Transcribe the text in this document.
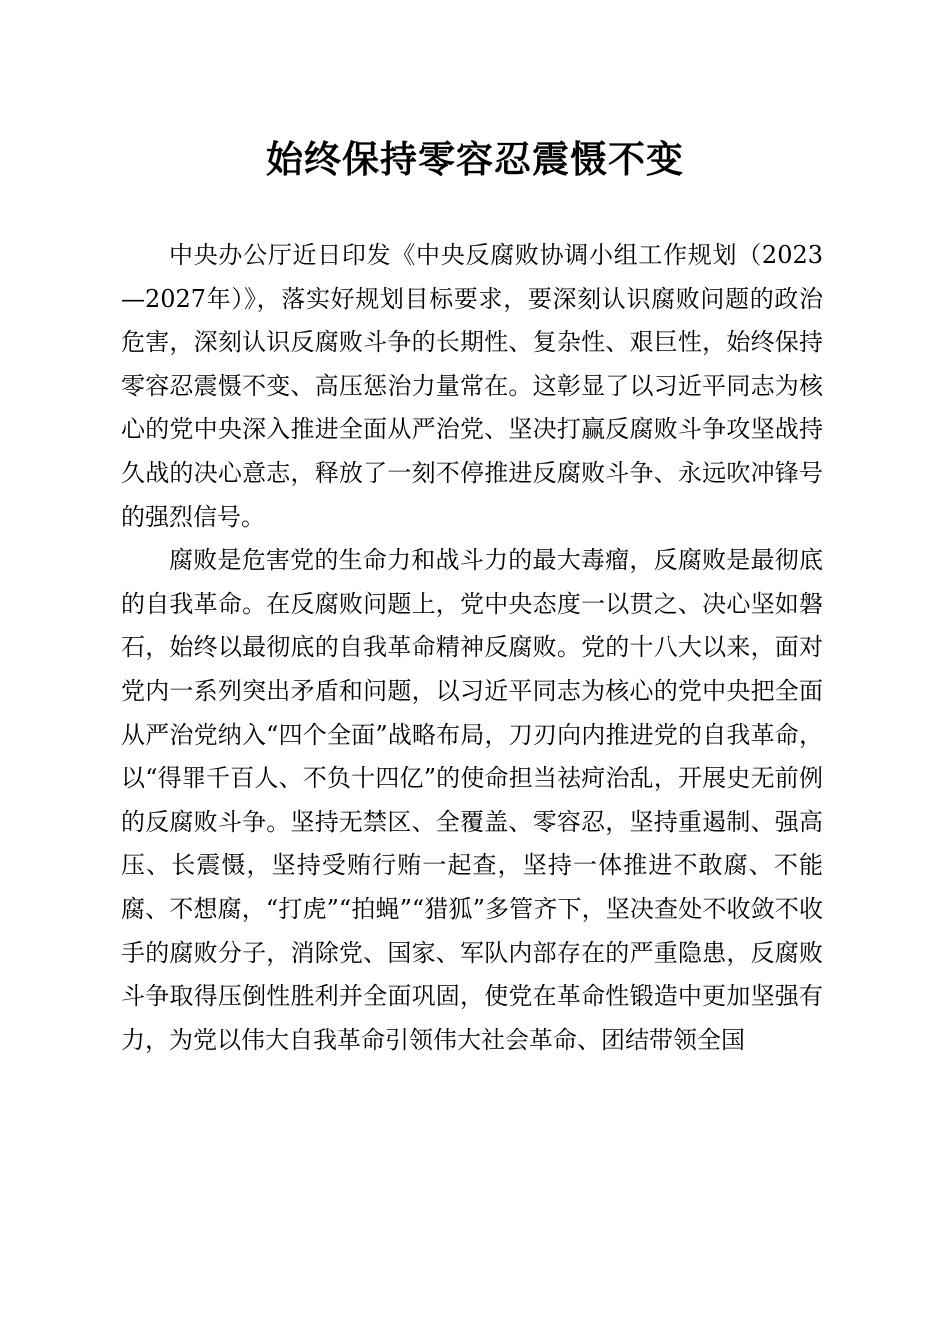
始终保持零容忍震慑不变

中央办公厅近日印发《中央反腐败协调小组工作规划（2023—2027年）》，落实好规划目标要求，要深刻认识腐败问题的政治危害，深刻认识反腐败斗争的长期性、复杂性、艰巨性，始终保持零容忍震慑不变、高压惩治力量常在。这彰显了以习近平同志为核心的党中央深入推进全面从严治党、坚决打赢反腐败斗争攻坚战持久战的决心意志，释放了一刻不停推进反腐败斗争、永远吹冲锋号的强烈信号。

腐败是危害党的生命力和战斗力的最大毒瘤，反腐败是最彻底的自我革命。在反腐败问题上，党中央态度一以贯之、决心坚如磐石，始终以最彻底的自我革命精神反腐败。党的十八大以来，面对党内一系列突出矛盾和问题，以习近平同志为核心的党中央把全面从严治党纳入“四个全面”战略布局，刀刃向内推进党的自我革命，以“得罪千百人、不负十四亿”的使命担当祛疴治乱，开展史无前例的反腐败斗争。坚持无禁区、全覆盖、零容忍，坚持重遏制、强高压、长震慑，坚持受贿行贿一起查，坚持一体推进不敢腐、不能腐、不想腐，“打虎”“拍蝇”“猎狐”多管齐下，坚决查处不收敛不收手的腐败分子，消除党、国家、军队内部存在的严重隐患，反腐败斗争取得压倒性胜利并全面巩固，使党在革命性锻造中更加坚强有力，为党以伟大自我革命引领伟大社会革命、团结带领全国
